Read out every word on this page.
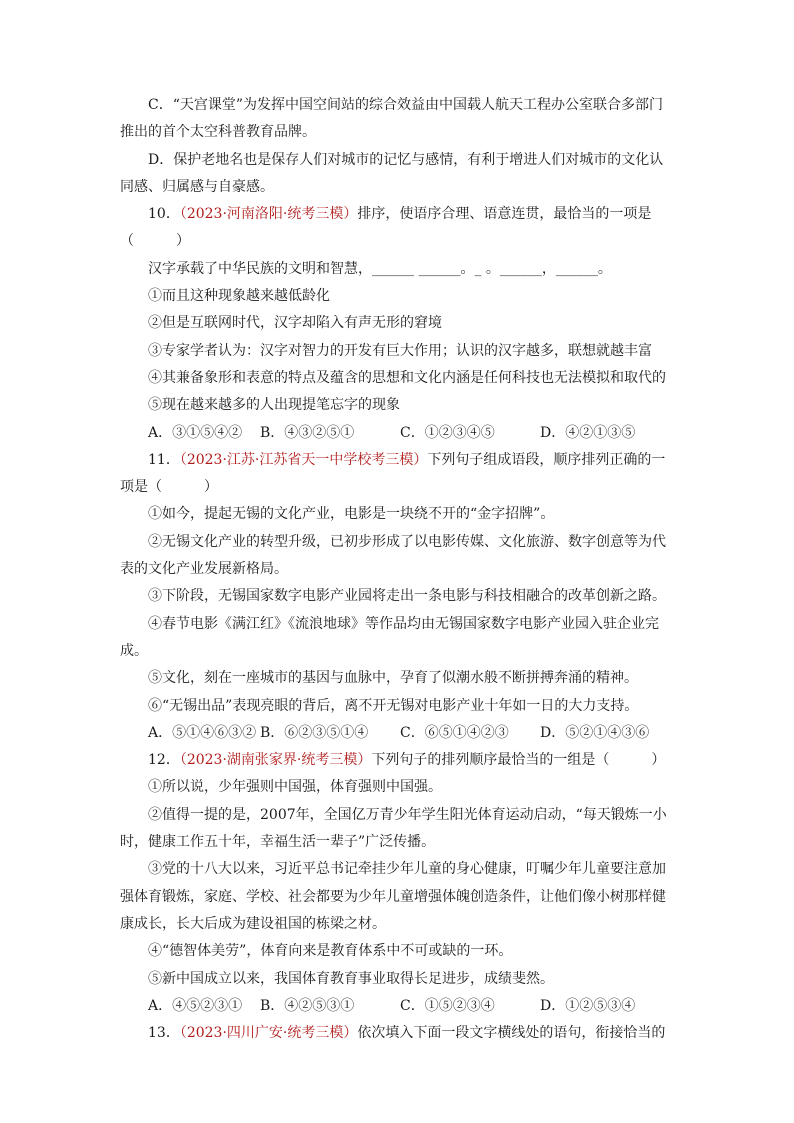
C．“天宫课堂”为发挥中国空间站的综合效益由中国载人航天工程办公室联合多部门推出的首个太空科普教育品牌。

D．保护老地名也是保存人们对城市的记忆与感情，有利于增进人们对城市的文化认同感、归属感与自豪感。

10．（2023·河南洛阳·统考三模）排序，使语序合理、语意连贯，最恰当的一项是（　　　）

汉字承载了中华民族的文明和智慧，______ ______。_ 。______，______。

①而且这种现象越来越低龄化

②但是互联网时代，汉字却陷入有声无形的窘境

③专家学者认为：汉字对智力的开发有巨大作用；认识的汉字越多，联想就越丰富

④其兼备象形和表意的特点及蕴含的思想和文化内涵是任何科技也无法模拟和取代的

⑤现在越来越多的人出现提笔忘字的现象

A．③①⑤④②	B．④③②⑤①	C．①②③④⑤	D．④②①③⑤

11．（2023·江苏·江苏省天一中学校考三模）下列句子组成语段，顺序排列正确的一项是（　　　）

①如今，提起无锡的文化产业，电影是一块绕不开的“金字招牌”。

②无锡文化产业的转型升级，已初步形成了以电影传媒、文化旅游、数字创意等为代表的文化产业发展新格局。

③下阶段，无锡国家数字电影产业园将走出一条电影与科技相融合的改革创新之路。

④春节电影《满江红》《流浪地球》等作品均由无锡国家数字电影产业园入驻企业完成。

⑤文化，刻在一座城市的基因与血脉中，孕育了似潮水般不断拼搏奔涌的精神。

⑥“无锡出品”表现亮眼的背后，离不开无锡对电影产业十年如一日的大力支持。

A．⑤①④⑥③② B．⑥②③⑤①④	C．⑥⑤①④②③	D．⑤②①④③⑥

12．（2023·湖南张家界·统考三模）下列句子的排列顺序最恰当的一组是（　　　）

①所以说，少年强则中国强，体育强则中国强。

②值得一提的是，2007年，全国亿万青少年学生阳光体育运动启动，“每天锻炼一小时，健康工作五十年，幸福生活一辈子”广泛传播。

③党的十八大以来，习近平总书记牵挂少年儿童的身心健康，叮嘱少年儿童要注意加强体育锻炼，家庭、学校、社会都要为少年儿童增强体魄创造条件，让他们像小树那样健康成长，长大后成为建设祖国的栋梁之材。

④“德智体美劳”，体育向来是教育体系中不可或缺的一环。

⑤新中国成立以来，我国体育教育事业取得长足进步，成绩斐然。

A．④⑤②③①	B．④②⑤③①	C．①⑤②③④	D．①②⑤③④

13．（2023·四川广安·统考三模）依次填入下面一段文字横线处的语句，衔接恰当的
